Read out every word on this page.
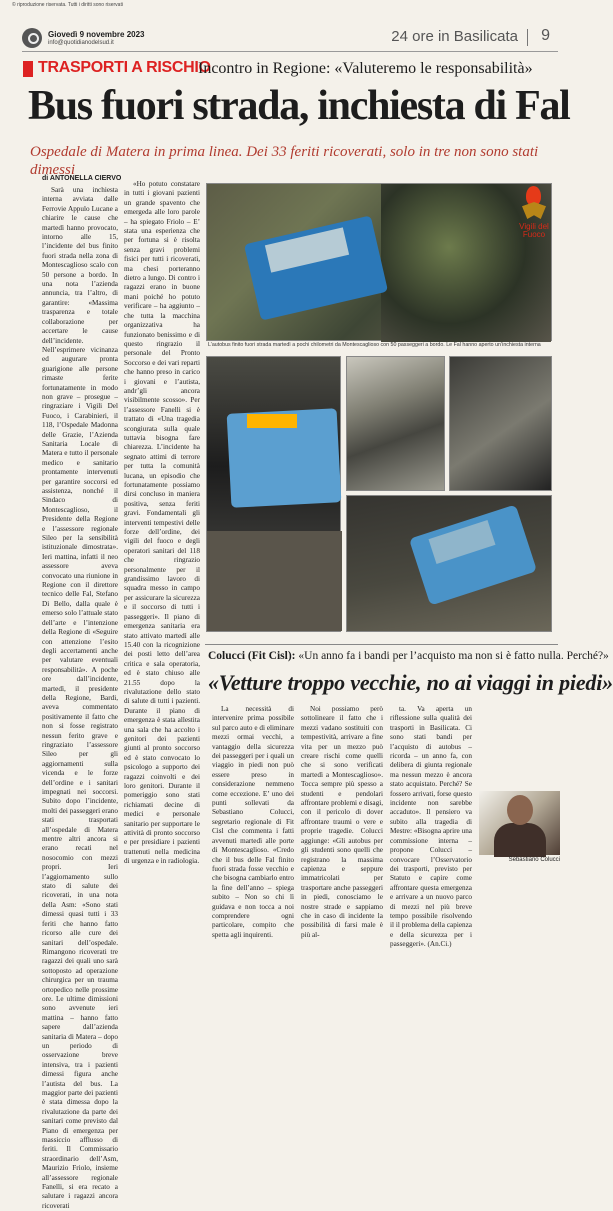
© riproduzione riservata. Tutti i diritti sono riservati
Giovedì 9 novembre 2023
info@quotidianodelsud.it	24 ore in Basilicata 9
TRASPORTI A RISCHIO
Incontro in Regione: «Valuteremo le responsabilità»
Bus fuori strada, inchiesta di Fal
Ospedale di Matera in prima linea. Dei 33 feriti ricoverati, solo in tre non sono stati dimessi
di ANTONELLA CIERVO

Sarà una inchiesta interna avviata dalle Ferrovie Appulo Lucane a chiarire le cause che martedì hanno provocato, intorno alle 15, l’incidente del bus finito fuori strada nella zona di Montescaglioso scalo con 50 persone a bordo. In una nota l’azienda annuncia, tra l’altro, di garantire: «Massima trasparenza e totale collaborazione per accertare le cause dell’incidente. Nell’esprimere vicinanza ed augurare pronta guarigione alle persone rimaste ferite fortunatamente in modo non grave – prosegue – ringraziare i Vigili Del Fuoco, i Carabinieri, il 118, l’Ospedale Madonna delle Grazie, l’Azienda Sanitaria Locale di Matera e tutto il personale medico e sanitario prontamente intervenuti per garantire soccorsi ed assistenza, nonché il Sindaco di Montescaglioso, il Presidente della Regione e l’assessore regionale Sileo per la sensibilità istituzionale dimostrata». Ieri mattina, infatti il neo assessore aveva convocato una riunione in Regione con il direttore tecnico delle Fal, Stefano Di Bello, dalla quale è emerso solo l’attuale stato dell’arte e l’intenzione della Regione di «Seguire con attenzione l’esito degli accertamenti anche per valutare eventuali responsabilità». A poche ore dall’incidente, martedì, il presidente della Regione, Bardi, aveva commentato positivamente il fatto che non si fosse registrato nessun ferito grave e ringraziato l’assessore Sileo per gli aggiornamenti sulla vicenda e le forze dell’ordine e i sanitari impegnati nei soccorsi. Subito dopo l’incidente, molti dei passeggeri erano stati trasportati all’ospedale di Matera mentre altri ancora si erano recati nel nosocomio con mezzi propri. Ieri l’aggiornamento sullo stato di salute dei ricoverati, in una nota della Asm: «Sono stati dimessi quasi tutti i 33 feriti che hanno fatto ricorso alle cure dei sanitari dell’ospedale. Rimangono ricoverati tre ragazzi dei quali uno sarà sottoposto ad operazione chirurgica per un trauma ortopedico nelle prossime ore. Le ultime dimissioni sono avvenute ieri mattina – hanno fatto sapere dall’azienda sanitaria di Matera – dopo un periodo di osservazione breve intensiva, tra i pazienti dimessi figura anche l’autista del bus. La maggior parte dei pazienti è stata dimessa dopo la rivalutazione da parte dei sanitari come previsto dal Piano di emergenza per massiccio afflusso di feriti. Il Commissario straordinario dell’Asm, Maurizio Friolo, insieme all’assessore regionale Fanelli, si era recato a salutare i ragazzi ancora ricoverati

«Ho potuto constatare in tutti i giovani pazienti un grande spavento che emergeda alle loro parole – ha spiegato Friolo – E’ stata una esperienza che per fortuna si è risolta senza gravi problemi fisici per tutti i ricoverati, ma chesi porteranno dietro a lungo. Di contro i ragazzi erano in buone mani poiché ho potuto verificare – ha aggiunto – che tutta la macchina organizzativa ha funzionato benissimo e di questo ringrazio il personale del Pronto Soccorso e dei vari reparti che hanno preso in carico i giovani e l’autista, andr’gli ancora visibilmente scosso». Per l’assessore Fanelli si è trattato di «Una tragedia scongiurata sulla quale tuttavia bisogna fare chiarezza. L’incidente ha segnato attimi di terrore per tutta la comunità lucana, un episodio che fortunatamente possiamo dirsi concluso in maniera positiva, senza feriti gravi. Fondamentali gli interventi tempestivi delle forze dell’ordine, dei vigili del fuoco e degli operatori sanitari del 118 che ringrazio personalmente per il grandissimo lavoro di squadra messo in campo per assicurare la sicurezza e il soccorso di tutti i passeggeri». Il piano di emergenza sanitaria era stato attivato martedì alle 15.40 con la ricognizione dei posti letto dell’area critica e sala operatoria, ed è stato chiuso alle 21.55 dopo la rivalutazione dello stato di salute di tutti i pazienti. Durante il piano di emergenza è stata allestita una sala che ha accolto i genitori dei pazienti giunti al pronto soccorso ed è stato convocato lo psicologo a supporto dei ragazzi coinvolti e dei loro genitori. Durante il pomeriggio sono stati richiamati decine di medici e personale sanitario per supportare le attività di pronto soccorso e per presidiare i pazienti trattenuti nella medicina di urgenza e in radiologia.

Vigili del Fuoco
L’autobus finito fuori strada martedì a pochi chilometri da Montescaglioso con 50 passeggeri a bordo. Le Fal hanno aperto un’inchiesta interna
Colucci (Fit Cisl): «Un anno fa i bandi per l’acquisto ma non si è fatto nulla. Perché?»
«Vetture troppo vecchie, no ai viaggi in piedi»

La necessità di intervenire prima possibile sul parco auto e di eliminare mezzi ormai vecchi, a vantaggio della sicurezza dei passeggeri per i quali un viaggio in piedi non può essere preso in considerazione nemmeno come eccezione. E’ uno dei punti sollevati da Sebastiano Colucci, segretario regionale di Fit Cisl che commenta i fatti avvenuti martedì alle porte di Montescaglioso. «Credo che il bus delle Fal finito fuori strada fosse vecchio e che bisogna cambiarlo entro la fine dell’anno – spiega subito – Non so chi lì guidava e non tocca a noi comprendere ogni particolare, compito che spetta agli inquirenti.

Noi possiamo però sottolineare il fatto che i mezzi vadano sostituiti con tempestività, arrivare a fine vita per un mezzo può creare rischi come quelli che si sono verificati martedì a Montescaglioso». Tocca sempre più spesso a studenti e pendolari affrontare problemi e disagi, con il pericolo di dover affrontare traumi o vere e proprie tragedie. Colucci aggiunge: «Gli autobus per gli studenti sono quelli che registrano la massima capienza e seppure immatricolati per trasportare anche passeggeri in piedi, conosciamo le nostre strade e sappiamo che in caso di incidente la possibilità di farsi male è più al-

ta. Va aperta un riflessione sulla qualità dei trasporti in Basilicata. Ci sono stati bandi per l’acquisto di autobus – ricorda – un anno fa, con delibera di giunta regionale ma nessun mezzo è ancora stato acquistato. Perché? Se fossero arrivati, forse questo incidente non sarebbe accaduto». Il pensiero va subito alla tragedia di Mestre: «Bisogna aprire una commissione interna – propone Colucci – convocare l’Osservatorio dei trasporti, previsto per Statuto e capire come affrontare questa emergenza e arrivare a un nuovo parco di mezzi nel più breve tempo possibile risolvendo il il problema della capienza e della sicurezza per i passeggeri». (An.Ci.)

Sebastiano Colucci
